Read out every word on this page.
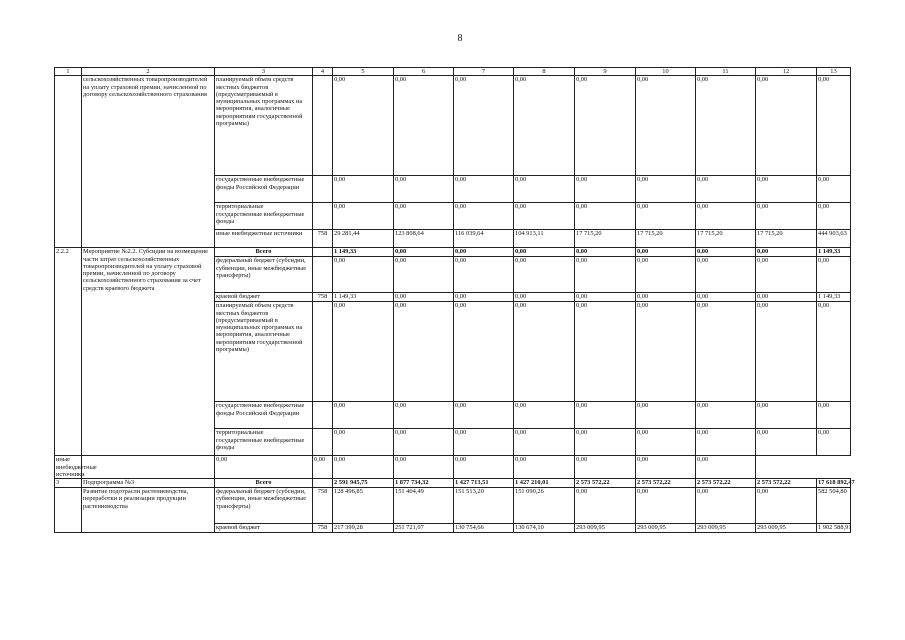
8
1	2	3	4	5	6	7	8	9	10	11	12	13
	сельскохозяйственных товаропроизводителей на уплату страховой премии, начисленной по договору сельскохозяйственного страхования	планируемый объем средств местных бюджетов (предусматриваемый в муниципальных программах на мероприятия, аналогичные мероприятиям государственной программы)		0,00	0,00	0,00	0,00	0,00	0,00	0,00	0,00	0,00
		государственные внебюджетные фонды Российской Федерации		0,00	0,00	0,00	0,00	0,00	0,00	0,00	0,00	0,00
		территориальные государственные внебюджетные фонды		0,00	0,00	0,00	0,00	0,00	0,00	0,00	0,00	0,00
		иные внебюджетные источники	758	29 281,44	123 808,64	116 039,64	104 913,11	17 715,20	17 715,20	17 715,20	17 715,20	444 903,63
2.2.2	Мероприятие №2.2. Субсидии на возмещение части затрат сельскохозяйственных товаропроизводителей на уплату страховой премии, начисленной по договору сельскохозяйственного страхования за счет средств краевого бюджета	Всего		1 149,33	0,00	0,00	0,00	0,00	0,00	0,00	0,00	1 149,33
		федеральный бюджет (субсидии, субвенции, иные межбюджетные трансферты)		0,00	0,00	0,00	0,00	0,00	0,00	0,00	0,00	0,00
		краевой бюджет	758	1 149,33	0,00	0,00	0,00	0,00	0,00	0,00	0,00	1 149,33
		планируемый объем средств местных бюджетов (предусматриваемый в муниципальных программах на мероприятия, аналогичные мероприятиям государственной программы)		0,00	0,00	0,00	0,00	0,00	0,00	0,00	0,00	0,00
		государственные внебюджетные фонды Российской Федерации		0,00	0,00	0,00	0,00	0,00	0,00	0,00	0,00	0,00
		территориальные государственные внебюджетные фонды		0,00	0,00	0,00	0,00	0,00	0,00	0,00	0,00	0,00
иные внебюджетные источники		0,00	0,00	0,00	0,00	0,00	0,00	0,00	0,00	0,00		
3	Подпрограмма №3	Всего		2 591 945,75	1 877 734,32	1 427 713,51	1 427 210,01	2 573 572,22	2 573 572,22	2 573 572,22	2 573 572,22	17 618 892,47
	Развитие подотрасли растениеводства, переработки и реализации продукции растениеводства	федеральный бюджет (субсидии, субвенции, иные межбюджетные трансферты)	758	128 496,85	151 404,49	151 513,20	151 090,26	0,00	0,00	0,00	0,00	582 504,80
		краевой бюджет	758	217 399,28	251 721,07	130 754,66	130 674,10	293 009,95	293 009,95	293 009,95	293 009,95	1 902 588,91
